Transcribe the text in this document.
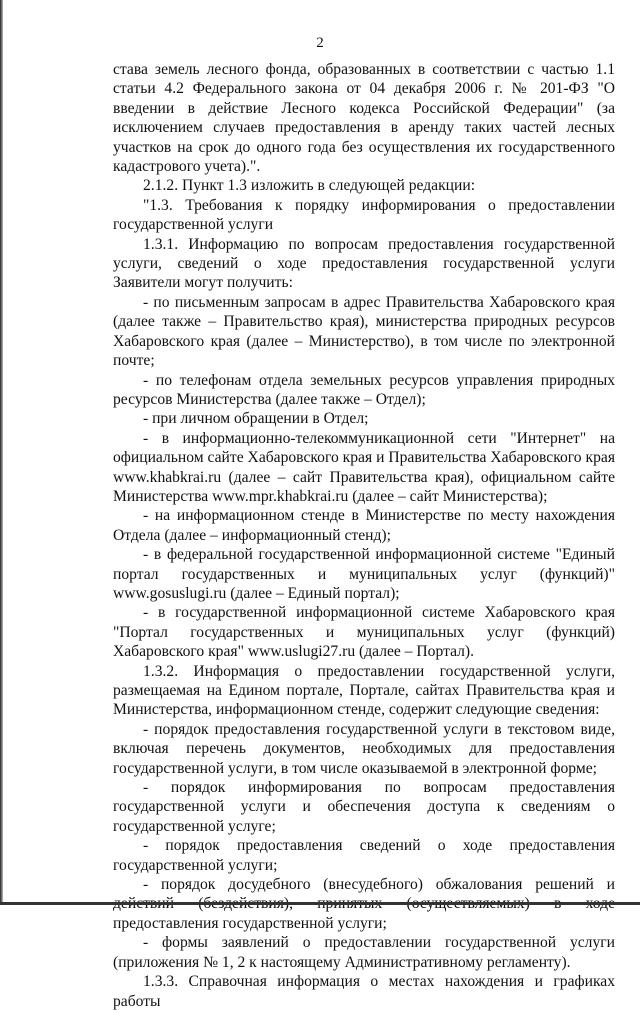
2

става земель лесного фонда, образованных в соответствии с частью 1.1 статьи 4.2 Федерального закона от 04 декабря 2006 г. № 201-ФЗ "О введении в действие Лесного кодекса Российской Федерации" (за исключением случаев предоставления в аренду таких частей лесных участков на срок до одного года без осуществления их государственного кадастрового учета).".

2.1.2. Пункт 1.3 изложить в следующей редакции:

"1.3. Требования к порядку информирования о предоставлении государственной услуги

1.3.1. Информацию по вопросам предоставления государственной услуги, сведений о ходе предоставления государственной услуги Заявители могут получить:

- по письменным запросам в адрес Правительства Хабаровского края (далее также – Правительство края), министерства природных ресурсов Хабаровского края (далее – Министерство), в том числе по электронной почте;

- по телефонам отдела земельных ресурсов управления природных ресурсов Министерства (далее также – Отдел);

- при личном обращении в Отдел;

- в информационно-телекоммуникационной сети "Интернет" на официальном сайте Хабаровского края и Правительства Хабаровского края www.khabkrai.ru (далее – сайт Правительства края), официальном сайте Министерства www.mpr.khabkrai.ru (далее – сайт Министерства);

- на информационном стенде в Министерстве по месту нахождения Отдела (далее – информационный стенд);

- в федеральной государственной информационной системе "Единый портал государственных и муниципальных услуг (функций)" www.gosuslugi.ru (далее – Единый портал);

- в государственной информационной системе Хабаровского края "Портал государственных и муниципальных услуг (функций) Хабаровского края" www.uslugi27.ru (далее – Портал).

1.3.2. Информация о предоставлении государственной услуги, размещаемая на Едином портале, Портале, сайтах Правительства края и Министерства, информационном стенде, содержит следующие сведения:

- порядок предоставления государственной услуги в текстовом виде, включая перечень документов, необходимых для предоставления государственной услуги, в том числе оказываемой в электронной форме;

- порядок информирования по вопросам предоставления государственной услуги и обеспечения доступа к сведениям о государственной услуге;

- порядок предоставления сведений о ходе предоставления государственной услуги;

- порядок досудебного (внесудебного) обжалования решений и предоставления государственной услуги;

- формы заявлений о предоставлении государственной услуги (приложения № 1, 2 к настоящему Административному регламенту).

1.3.3. Справочная информация о местах нахождения и графиках работы
